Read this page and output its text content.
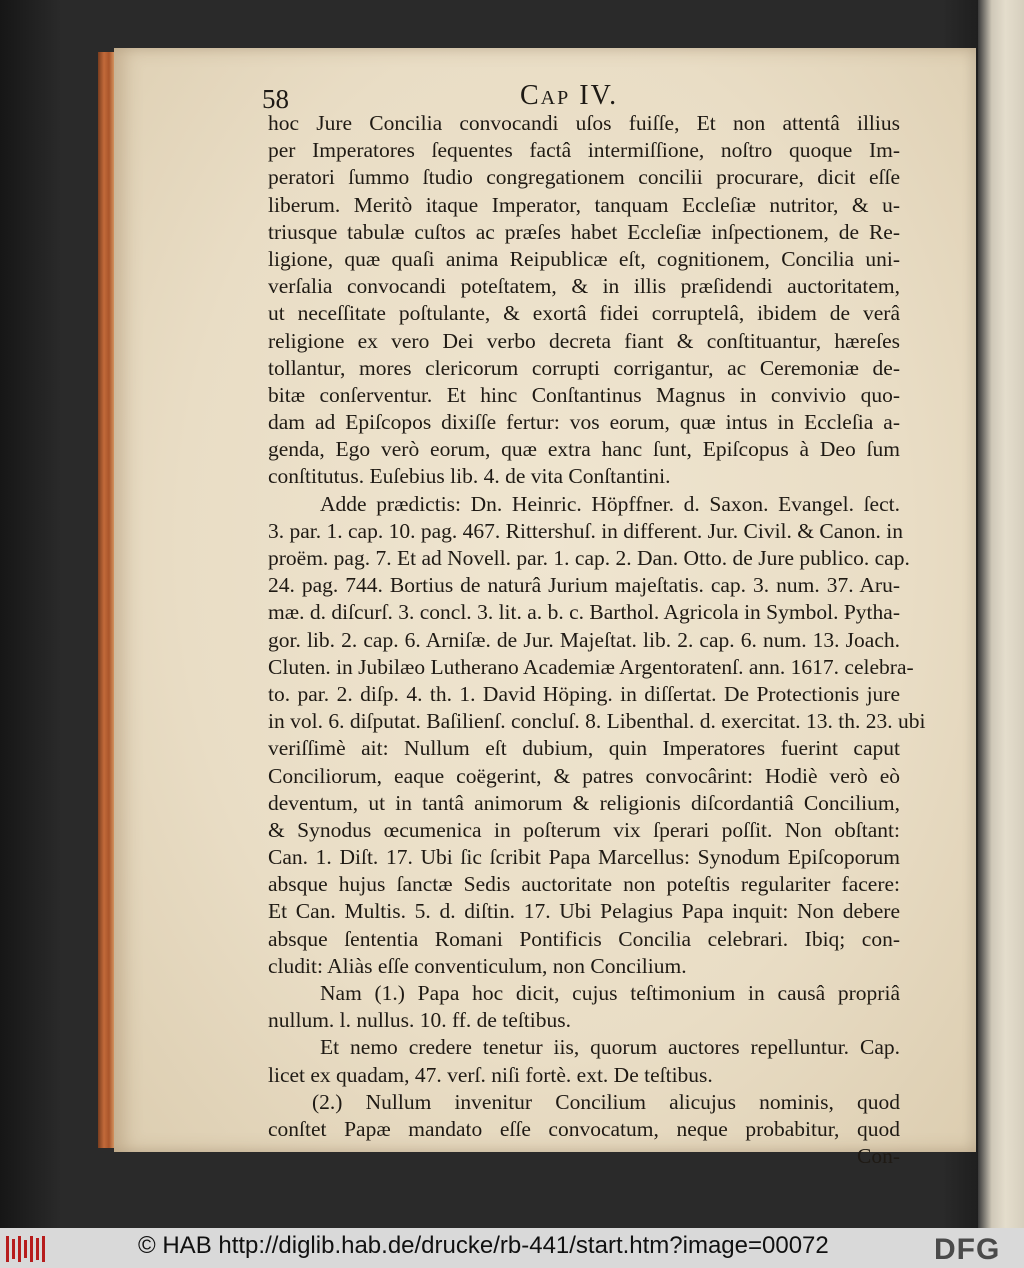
58	Cap IV.
hoc Jure Concilia convocandi uſos fuiſſe, Et non attentâ illius
per Imperatores ſequentes factâ intermiſſione, noſtro quoque Im-
peratori ſummo ſtudio congregationem concilii procurare, dicit eſſe
liberum. Meritò itaque Imperator, tanquam Eccleſiæ nutritor, & u-
triusque tabulæ cuſtos ac præſes habet Eccleſiæ inſpectionem, de Re-
ligione, quæ quaſi anima Reipublicæ eſt, cognitionem, Concilia uni-
verſalia convocandi poteſtatem, & in illis præſidendi auctoritatem,
ut neceſſitate poſtulante, & exortâ fidei corruptelâ, ibidem de verâ
religione ex vero Dei verbo decreta fiant & conſtituantur, hæreſes
tollantur, mores clericorum corrupti corrigantur, ac Ceremoniæ de-
bitæ conſerventur. Et hinc Conſtantinus Magnus in convivio quo-
dam ad Epiſcopos dixiſſe fertur: vos eorum, quæ intus in Eccleſia a-
genda, Ego verò eorum, quæ extra hanc ſunt, Epiſcopus à Deo ſum
conſtitutus. Euſebius lib. 4. de vita Conſtantini.
Adde prædictis: Dn. Heinric. Höpffner. d. Saxon. Evangel. ſect.
3. par. 1. cap. 10. pag. 467. Rittershuſ. in different. Jur. Civil. & Canon. in
proëm. pag. 7. Et ad Novell. par. 1. cap. 2. Dan. Otto. de Jure publico. cap.
24. pag. 744. Bortius de naturâ Jurium majeſtatis. cap. 3. num. 37. Aru-
mæ. d. diſcurſ. 3. concl. 3. lit. a. b. c. Barthol. Agricola in Symbol. Pytha-
gor. lib. 2. cap. 6. Arniſæ. de Jur. Majeſtat. lib. 2. cap. 6. num. 13. Joach.
Cluten. in Jubilæo Lutherano Academiæ Argentoratenſ. ann. 1617. celebra-
to. par. 2. diſp. 4. th. 1. David Höping. in diſſertat. De Protectionis jure
in vol. 6. diſputat. Baſilienſ. concluſ. 8. Libenthal. d. exercitat. 13. th. 23. ubi
veriſſimè ait: Nullum eſt dubium, quin Imperatores fuerint caput
Conciliorum, eaque coëgerint, & patres convocârint: Hodiè verò eò
deventum, ut in tantâ animorum & religionis diſcordantiâ Concilium,
& Synodus œcumenica in poſterum vix ſperari poſſit. Non obſtant:
Can. 1. Diſt. 17. Ubi ſic ſcribit Papa Marcellus: Synodum Epiſcoporum
absque hujus ſanctæ Sedis auctoritate non poteſtis regulariter facere:
Et Can. Multis. 5. d. diſtin. 17. Ubi Pelagius Papa inquit: Non debere
absque ſententia Romani Pontificis Concilia celebrari. Ibiq; con-
cludit: Aliàs eſſe conventiculum, non Concilium.
Nam (1.) Papa hoc dicit, cujus teſtimonium in causâ propriâ
nullum. l. nullus. 10. ff. de teſtibus.
Et nemo credere tenetur iis, quorum auctores repelluntur. Cap.
licet ex quadam, 47. verſ. niſi fortè. ext. De teſtibus.
(2.) Nullum invenitur Concilium alicujus nominis, quod
conſtet Papæ mandato eſſe convocatum, neque probabitur, quod
Con-
© HAB http://diglib.hab.de/drucke/rb-441/start.htm?image=00072	DFG
